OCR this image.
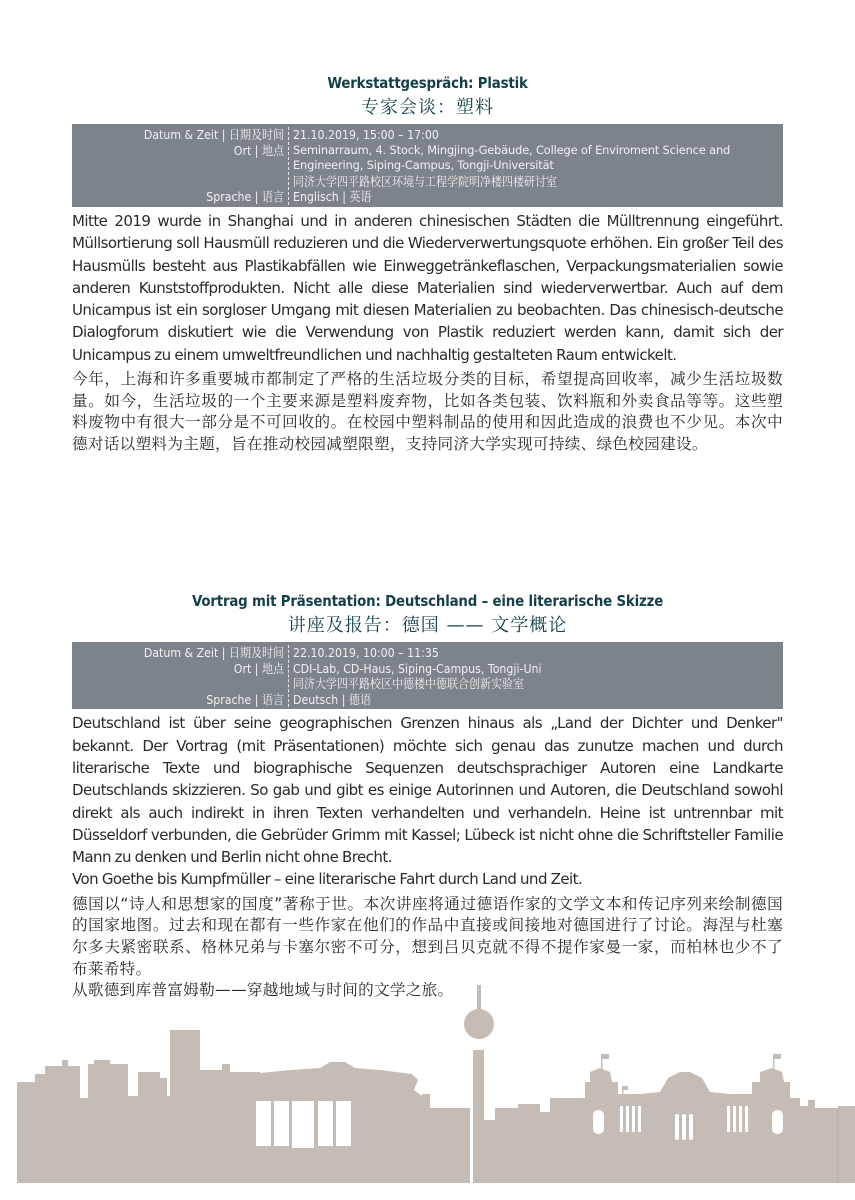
Werkstattgespräch: Plastik
专家会谈：塑料
Datum & Zeit | 日期及时间
Ort | 地点

Sprache | 语言
21.10.2019, 15:00 – 17:00
Seminarraum, 4. Stock, Mingjing-Gebäude, College of Enviroment Science and Engineering, Siping-Campus, Tongji-Universität
同济大学四平路校区环境与工程学院明净楼四楼研讨室
Englisch | 英语

Mitte 2019 wurde in Shanghai und in anderen chinesischen Städten die Mülltrennung eingeführt. Müllsortierung soll Hausmüll reduzieren und die Wiederverwertungsquote erhöhen. Ein großer Teil des Hausmülls besteht aus Plastikabfällen wie Einweggetränkeflaschen, Verpackungsmaterialien sowie anderen Kunststoffprodukten. Nicht alle diese Materialien sind wiederverwertbar. Auch auf dem Unicampus ist ein sorgloser Umgang mit diesen Materialien zu beobachten. Das chinesisch-deutsche Dialogforum diskutiert wie die Verwendung von Plastik reduziert werden kann, damit sich der Unicampus zu einem umweltfreundlichen und nachhaltig gestalteten Raum entwickelt.

今年，上海和许多重要城市都制定了严格的生活垃圾分类的目标，希望提高回收率，减少生活垃圾数量。如今，生活垃圾的一个主要来源是塑料废弃物，比如各类包装、饮料瓶和外卖食品等等。这些塑料废物中有很大一部分是不可回收的。在校园中塑料制品的使用和因此造成的浪费也不少见。本次中德对话以塑料为主题，旨在推动校园减塑限塑，支持同济大学实现可持续、绿色校园建设。

Vortrag mit Präsentation: Deutschland – eine literarische Skizze
讲座及报告：德国 —— 文学概论
Datum & Zeit | 日期及时间
Ort | 地点

Sprache | 语言
22.10.2019, 10:00 – 11:35
CDI-Lab, CD-Haus, Siping-Campus, Tongji-Uni
同济大学四平路校区中德楼中德联合创新实验室
Deutsch | 德语

Deutschland ist über seine geographischen Grenzen hinaus als „Land der Dichter und Denker" bekannt. Der Vortrag (mit Präsentationen) möchte sich genau das zunutze machen und durch literarische Texte und biographische Sequenzen deutschsprachiger Autoren eine Landkarte Deutschlands skizzieren. So gab und gibt es einige Autorinnen und Autoren, die Deutschland sowohl direkt als auch indirekt in ihren Texten verhandelten und verhandeln. Heine ist untrennbar mit Düsseldorf verbunden, die Gebrüder Grimm mit Kassel; Lübeck ist nicht ohne die Schriftsteller Familie Mann zu denken und Berlin nicht ohne Brecht.

Von Goethe bis Kumpfmüller – eine literarische Fahrt durch Land und Zeit.

德国以“诗人和思想家的国度”著称于世。本次讲座将通过德语作家的文学文本和传记序列来绘制德国的国家地图。过去和现在都有一些作家在他们的作品中直接或间接地对德国进行了讨论。海涅与杜塞尔多夫紧密联系、格林兄弟与卡塞尔密不可分，想到吕贝克就不得不提作家曼一家，而柏林也少不了布莱希特。

从歌德到库普富姆勒——穿越地域与时间的文学之旅。
